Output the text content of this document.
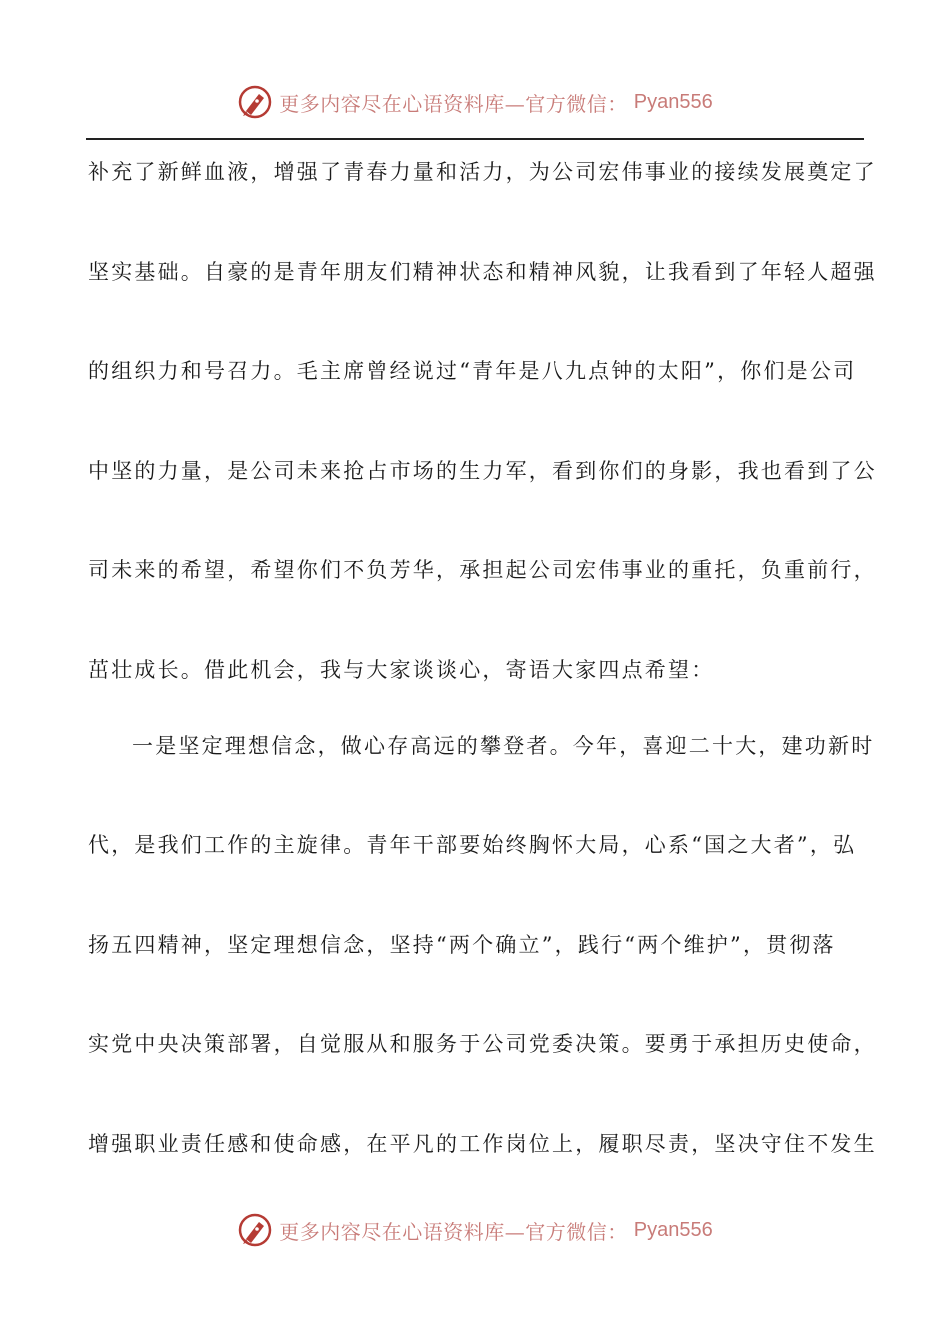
更多内容尽在心语资料库—官方微信： Pyan556
补充了新鲜血液，增强了青春力量和活力，为公司宏伟事业的接续发展奠定了
坚实基础。自豪的是青年朋友们精神状态和精神风貌，让我看到了年轻人超强
的组织力和号召力。毛主席曾经说过“青年是八九点钟的太阳”，你们是公司
中坚的力量，是公司未来抢占市场的生力军，看到你们的身影，我也看到了公
司未来的希望，希望你们不负芳华，承担起公司宏伟事业的重托，负重前行，
茁壮成长。借此机会，我与大家谈谈心，寄语大家四点希望：
一是坚定理想信念，做心存高远的攀登者。今年，喜迎二十大，建功新时
代，是我们工作的主旋律。青年干部要始终胸怀大局，心系“国之大者”，弘
扬五四精神，坚定理想信念，坚持“两个确立”，践行“两个维护”，贯彻落
实党中央决策部署，自觉服从和服务于公司党委决策。要勇于承担历史使命，
增强职业责任感和使命感，在平凡的工作岗位上，履职尽责，坚决守住不发生
更多内容尽在心语资料库—官方微信： Pyan556
